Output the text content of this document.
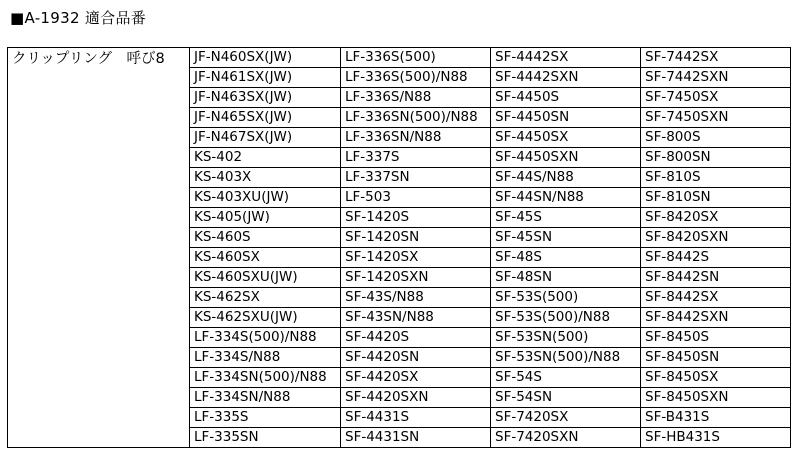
■A-1932 適合品番
クリップリング　呼び8	JF-N460SX(JW)	LF-336S(500)	SF-4442SX	SF-7442SX
	JF-N461SX(JW)	LF-336S(500)/N88	SF-4442SXN	SF-7442SXN
	JF-N463SX(JW)	LF-336S/N88	SF-4450S	SF-7450SX
	JF-N465SX(JW)	LF-336SN(500)/N88	SF-4450SN	SF-7450SXN
	JF-N467SX(JW)	LF-336SN/N88	SF-4450SX	SF-800S
	KS-402	LF-337S	SF-4450SXN	SF-800SN
	KS-403X	LF-337SN	SF-44S/N88	SF-810S
	KS-403XU(JW)	LF-503	SF-44SN/N88	SF-810SN
	KS-405(JW)	SF-1420S	SF-45S	SF-8420SX
	KS-460S	SF-1420SN	SF-45SN	SF-8420SXN
	KS-460SX	SF-1420SX	SF-48S	SF-8442S
	KS-460SXU(JW)	SF-1420SXN	SF-48SN	SF-8442SN
	KS-462SX	SF-43S/N88	SF-53S(500)	SF-8442SX
	KS-462SXU(JW)	SF-43SN/N88	SF-53S(500)/N88	SF-8442SXN
	LF-334S(500)/N88	SF-4420S	SF-53SN(500)	SF-8450S
	LF-334S/N88	SF-4420SN	SF-53SN(500)/N88	SF-8450SN
	LF-334SN(500)/N88	SF-4420SX	SF-54S	SF-8450SX
	LF-334SN/N88	SF-4420SXN	SF-54SN	SF-8450SXN
	LF-335S	SF-4431S	SF-7420SX	SF-B431S
	LF-335SN	SF-4431SN	SF-7420SXN	SF-HB431S
